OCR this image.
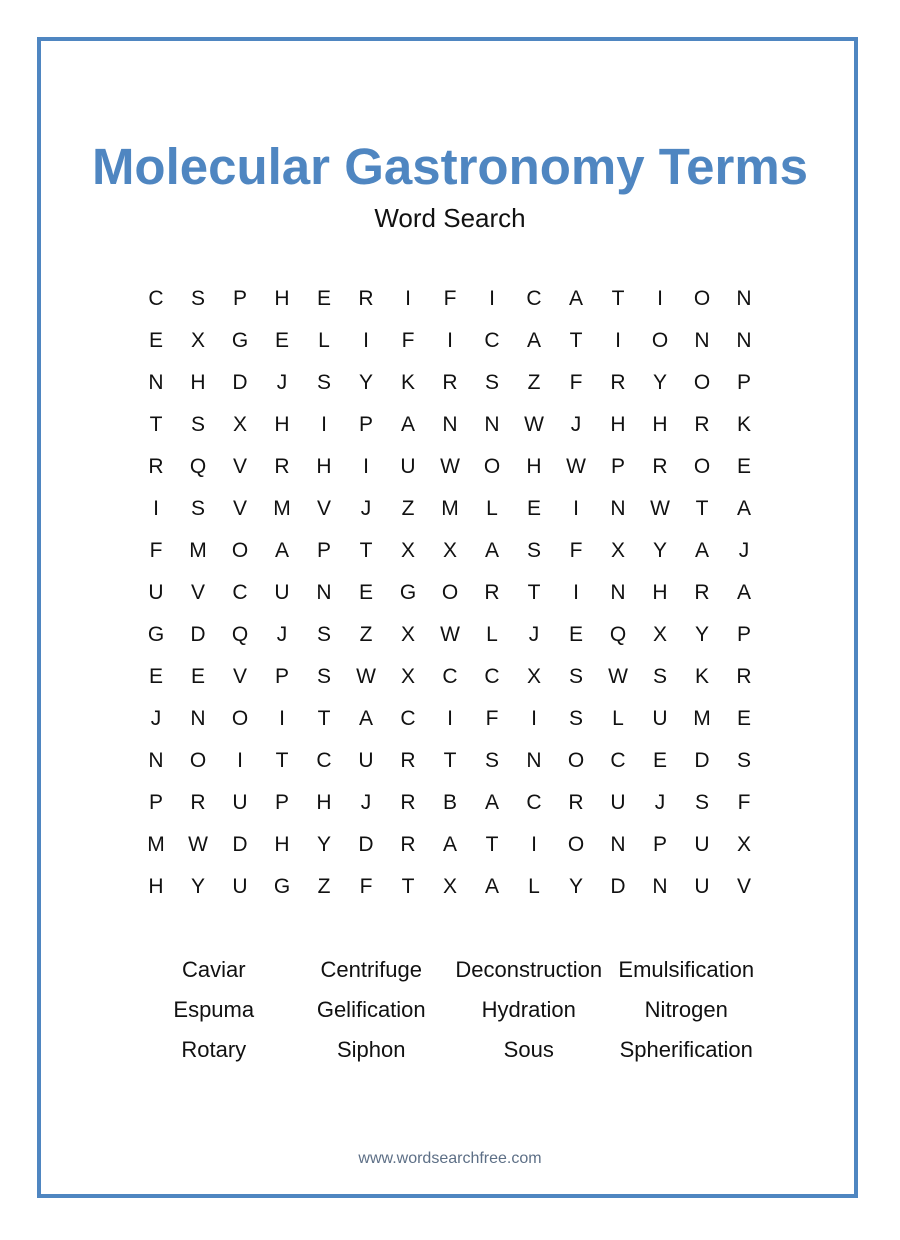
Molecular Gastronomy Terms
Word Search
C	S	P	H	E	R	I	F	I	C	A	T	I	O	N
E	X	G	E	L	I	F	I	C	A	T	I	O	N	N
N	H	D	J	S	Y	K	R	S	Z	F	R	Y	O	P
T	S	X	H	I	P	A	N	N	W	J	H	H	R	K
R	Q	V	R	H	I	U	W	O	H	W	P	R	O	E
I	S	V	M	V	J	Z	M	L	E	I	N	W	T	A
F	M	O	A	P	T	X	X	A	S	F	X	Y	A	J
U	V	C	U	N	E	G	O	R	T	I	N	H	R	A
G	D	Q	J	S	Z	X	W	L	J	E	Q	X	Y	P
E	E	V	P	S	W	X	C	C	X	S	W	S	K	R
J	N	O	I	T	A	C	I	F	I	S	L	U	M	E
N	O	I	T	C	U	R	T	S	N	O	C	E	D	S
P	R	U	P	H	J	R	B	A	C	R	U	J	S	F
M	W	D	H	Y	D	R	A	T	I	O	N	P	U	X
H	Y	U	G	Z	F	T	X	A	L	Y	D	N	U	V
Caviar	Centrifuge	Deconstruction Emulsification
Espuma	Gelification	Hydration	Nitrogen
Rotary	Siphon	Sous	Spherification
www.wordsearchfree.com
